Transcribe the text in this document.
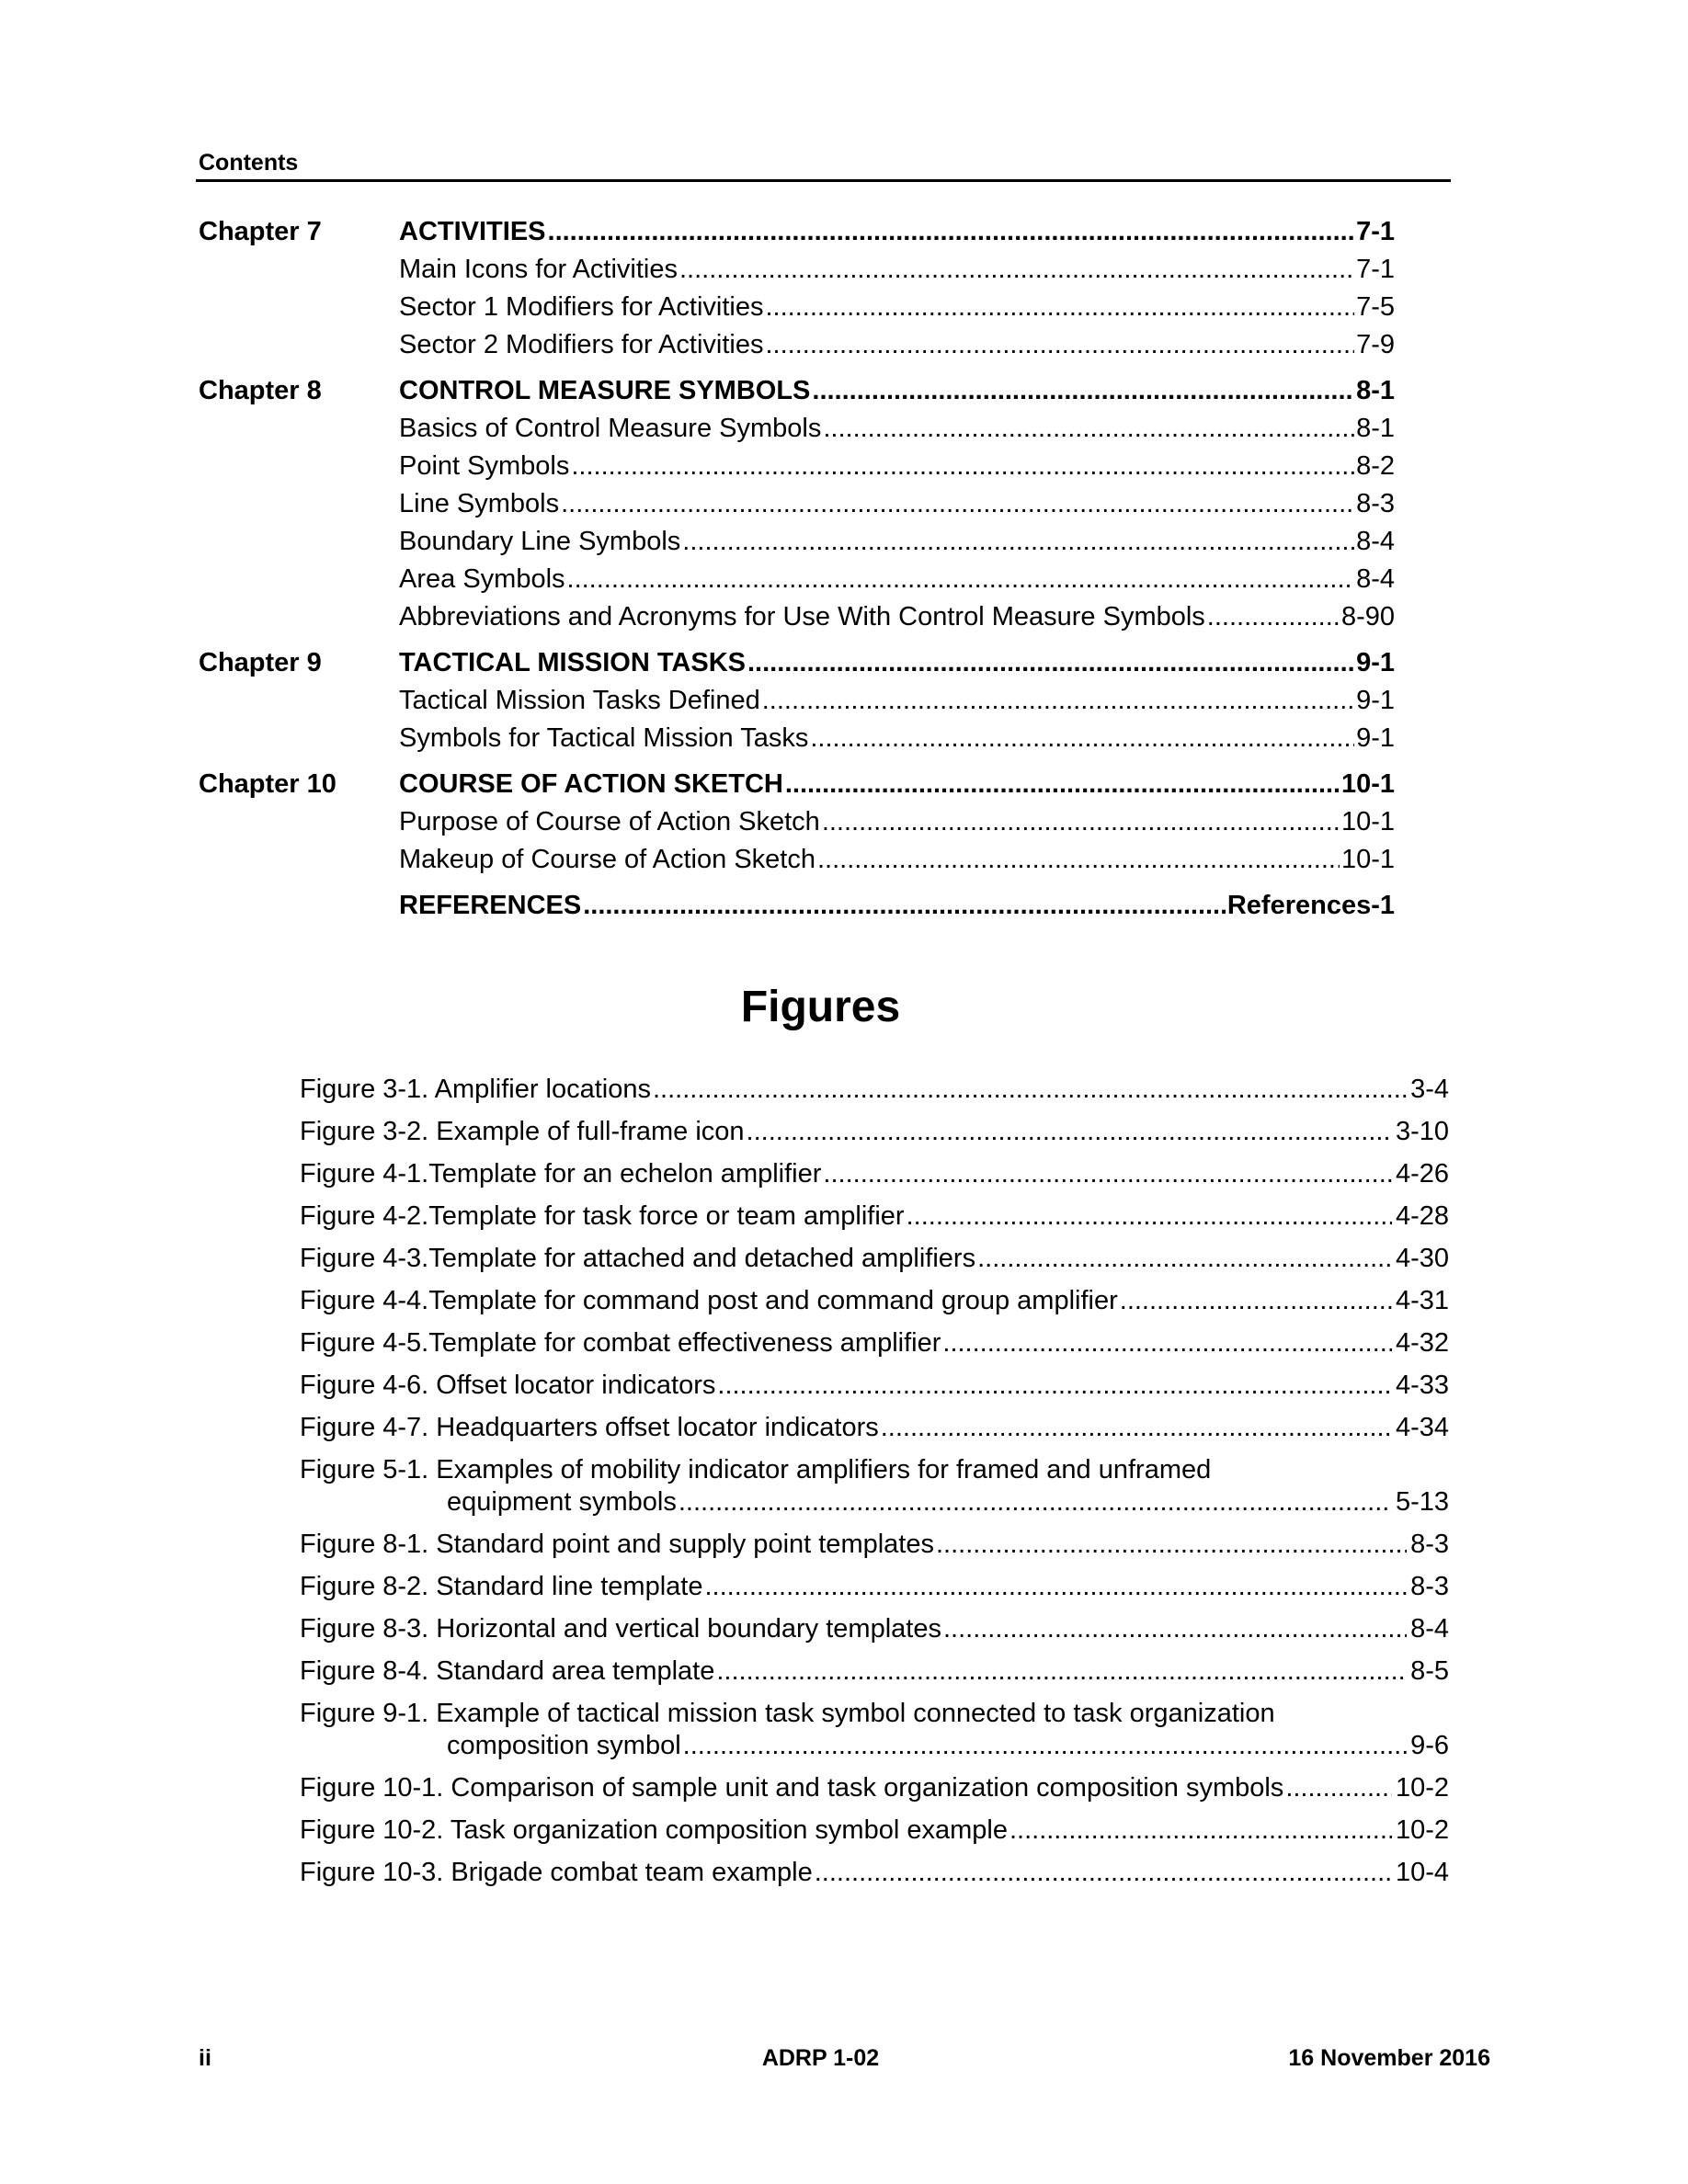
Contents
Chapter 7	ACTIVITIES .....	7-1
Main Icons for Activities .....	7-1
Sector 1 Modifiers for Activities .....	7-5
Sector 2 Modifiers for Activities .....	7-9
Chapter 8	CONTROL MEASURE SYMBOLS .....	8-1
Basics of Control Measure Symbols .....	8-1
Point Symbols .....	8-2
Line Symbols .....	8-3
Boundary Line Symbols .....	8-4
Area Symbols .....	8-4
Abbreviations and Acronyms for Use With Control Measure Symbols .....	8-90
Chapter 9	TACTICAL MISSION TASKS .....	9-1
Tactical Mission Tasks Defined .....	9-1
Symbols for Tactical Mission Tasks .....	9-1
Chapter 10	COURSE OF ACTION SKETCH .....	10-1
Purpose of Course of Action Sketch .....	10-1
Makeup of Course of Action Sketch .....	10-1
REFERENCES .....	References-1
Figures
Figure 3-1. Amplifier locations .....	3-4
Figure 3-2. Example of full-frame icon .....	3-10
Figure 4-1.Template for an echelon amplifier .....	4-26
Figure 4-2.Template for task force or team amplifier .....	4-28
Figure 4-3.Template for attached and detached amplifiers .....	4-30
Figure 4-4.Template for command post and command group amplifier .....	4-31
Figure 4-5.Template for combat effectiveness amplifier .....	4-32
Figure 4-6. Offset locator indicators .....	4-33
Figure 4-7. Headquarters offset locator indicators .....	4-34
Figure 5-1. Examples of mobility indicator amplifiers for framed and unframed
equipment symbols .....	5-13
Figure 8-1. Standard point and supply point templates .....	8-3
Figure 8-2. Standard line template .....	8-3
Figure 8-3. Horizontal and vertical boundary templates .....	8-4
Figure 8-4. Standard area template .....	8-5
Figure 9-1. Example of tactical mission task symbol connected to task organization
composition symbol .....	9-6
Figure 10-1. Comparison of sample unit and task organization composition symbols .....	10-2
Figure 10-2. Task organization composition symbol example .....	10-2
Figure 10-3. Brigade combat team example .....	10-4
ii	ADRP 1-02	16 November 2016
